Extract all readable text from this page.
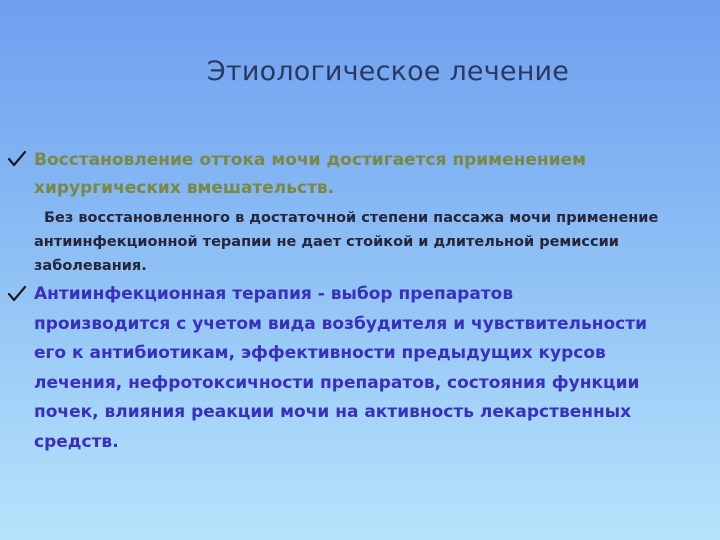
Этиологическое лечение
Восстановление оттока мочи достигается применением хирургических вмешательств.
Без восстановленного в достаточной степени пассажа мочи применение антиинфекционной терапии не дает стойкой и длительной ремиссии заболевания.
Антиинфекционная терапия - выбор препаратов производится с учетом вида возбудителя и чувствительности его к антибиотикам, эффективности предыдущих курсов лечения, нефротоксичности препаратов, состояния функции почек, влияния реакции мочи на активность лекарственных средств.
